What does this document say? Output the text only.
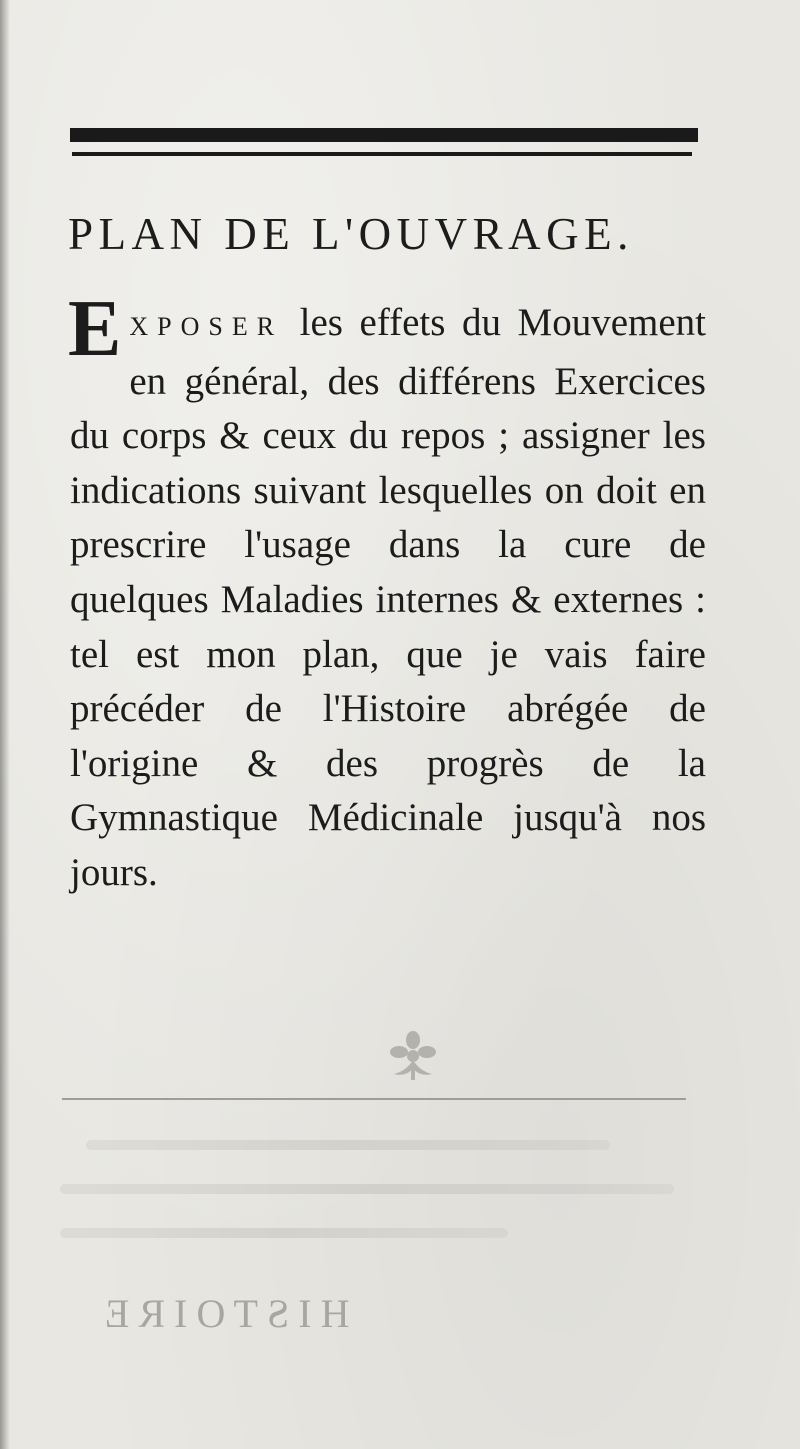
PLAN DE L'OUVRAGE.

EXPOSER les effets du Mouvement en général, des différens Exercices du corps & ceux du repos ; assigner les indications suivant lesquelles on doit en prescrire l'usage dans la cure de quelques Maladies internes & externes : tel est mon plan, que je vais faire précéder de l'Histoire abrégée de l'origine & des progrès de la Gymnastique Médicinale jusqu'à nos jours.

HISTOIRE
